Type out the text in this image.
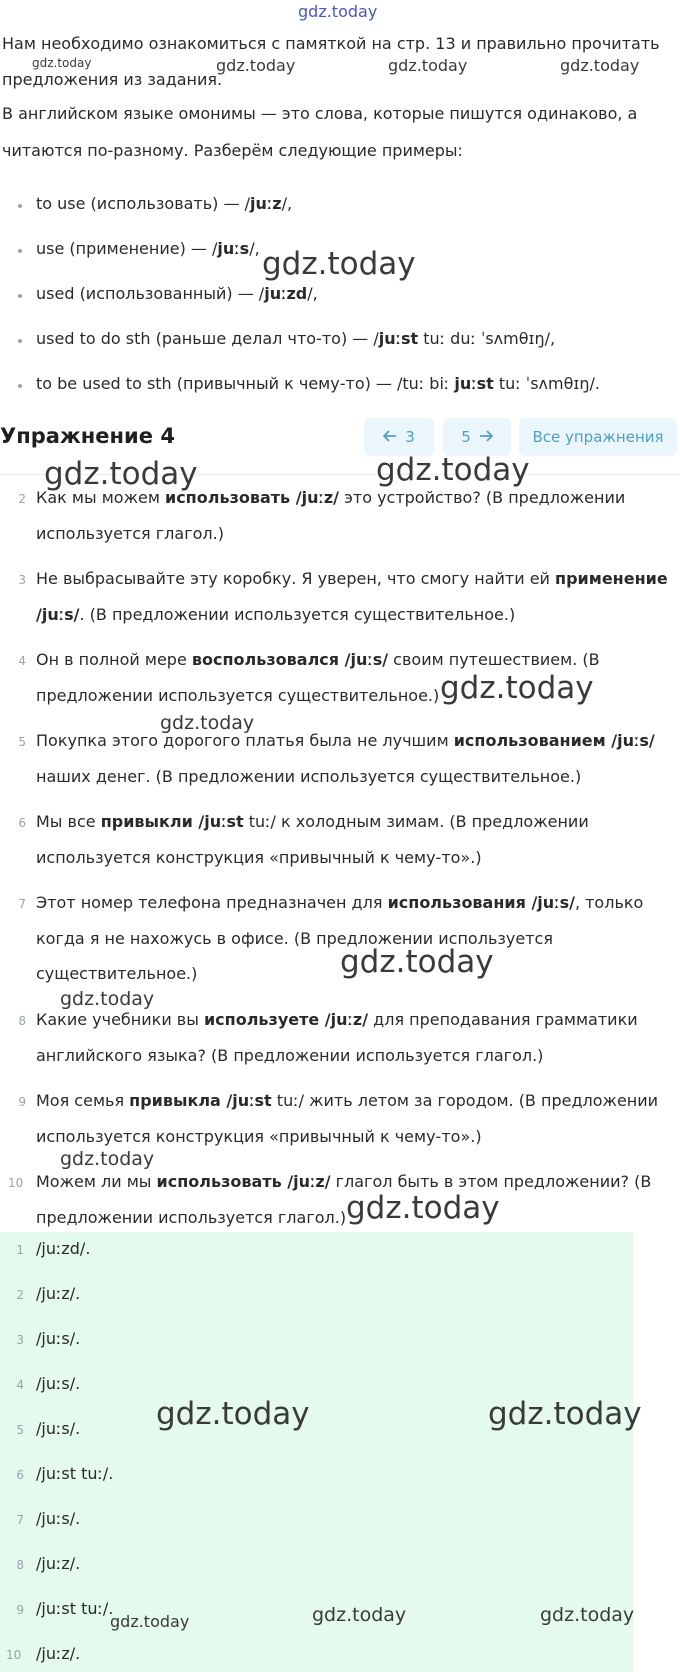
gdz.today
Нам необходимо ознакомиться с памяткой на стр. 13 и правильно прочитать
предложения из задания.
В английском языке омонимы — это слова, которые пишутся одинаково, а
читаются по-разному. Разберём следующие примеры:
to use (использовать) — /juːz/,
use (применение) — /juːs/,
used (использованный) — /juːzd/,
used to do sth (раньше делал что-то) — /juːst tuː duː ˈsʌmθɪŋ/,
to be used to sth (привычный к чему-то) — /tuː biː juːst tuː ˈsʌmθɪŋ/.
Упражнение 4	3	5	Все упражнения
2 Как мы можем использовать /juːz/ это устройство? (В предложении
используется глагол.)
3 Не выбрасывайте эту коробку. Я уверен, что смогу найти ей применение
/juːs/. (В предложении используется существительное.)
4 Он в полной мере воспользовался /juːs/ своим путешествием. (В
предложении используется существительное.)
5 Покупка этого дорогого платья была не лучшим использованием /juːs/
наших денег. (В предложении используется существительное.)
6 Мы все привыкли /juːst tuː/ к холодным зимам. (В предложении
используется конструкция «привычный к чему-то».)
7 Этот номер телефона предназначен для использования /juːs/, только
когда я не нахожусь в офисе. (В предложении используется
существительное.)
8 Какие учебники вы используете /juːz/ для преподавания грамматики
английского языка? (В предложении используется глагол.)
9 Моя семья привыкла /juːst tuː/ жить летом за городом. (В предложении
используется конструкция «привычный к чему-то».)
10 Можем ли мы использовать /juːz/ глагол быть в этом предложении? (В
предложении используется глагол.)
1 /juːzd/.
2 /juːz/.
3 /juːs/.
4 /juːs/.
5 /juːs/.
6 /juːst tuː/.
7 /juːs/.
8 /juːz/.
9 /juːst tuː/.
10 /juːz/.
gdz.today	gdz.today	gdz.today	gdz.today
gdz.today
gdz.today	gdz.today
gdz.today
gdz.today
gdz.today
gdz.today
gdz.today
gdz.today
gdz.today	gdz.today
gdz.today	gdz.today	gdz.today
